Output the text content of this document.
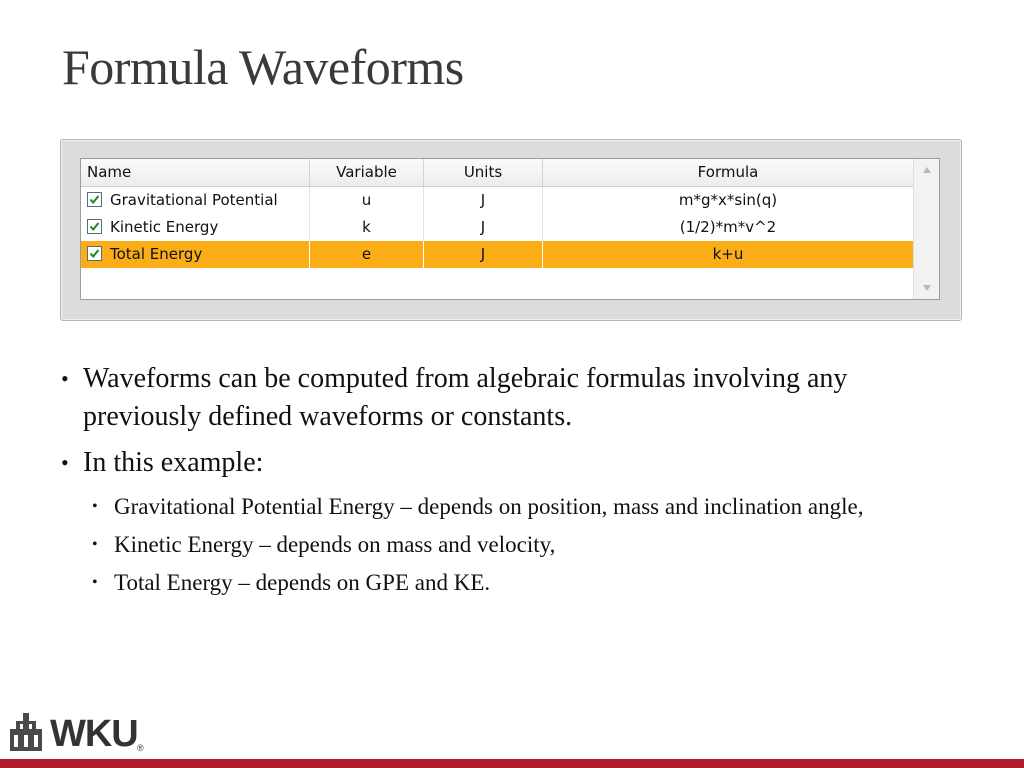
Formula Waveforms
Name	Variable	Units	Formula
Gravitational Potential	u	J	m*g*x*sin(q)
Kinetic Energy	k	J	(1/2)*m*v^2
Total Energy	e	J	k+u
• Waveforms can be computed from algebraic formulas involving any previously defined waveforms or constants.
• In this example:
• Gravitational Potential Energy – depends on position, mass and inclination angle,
• Kinetic Energy – depends on mass and velocity,
• Total Energy – depends on GPE and KE.
WKU ®
